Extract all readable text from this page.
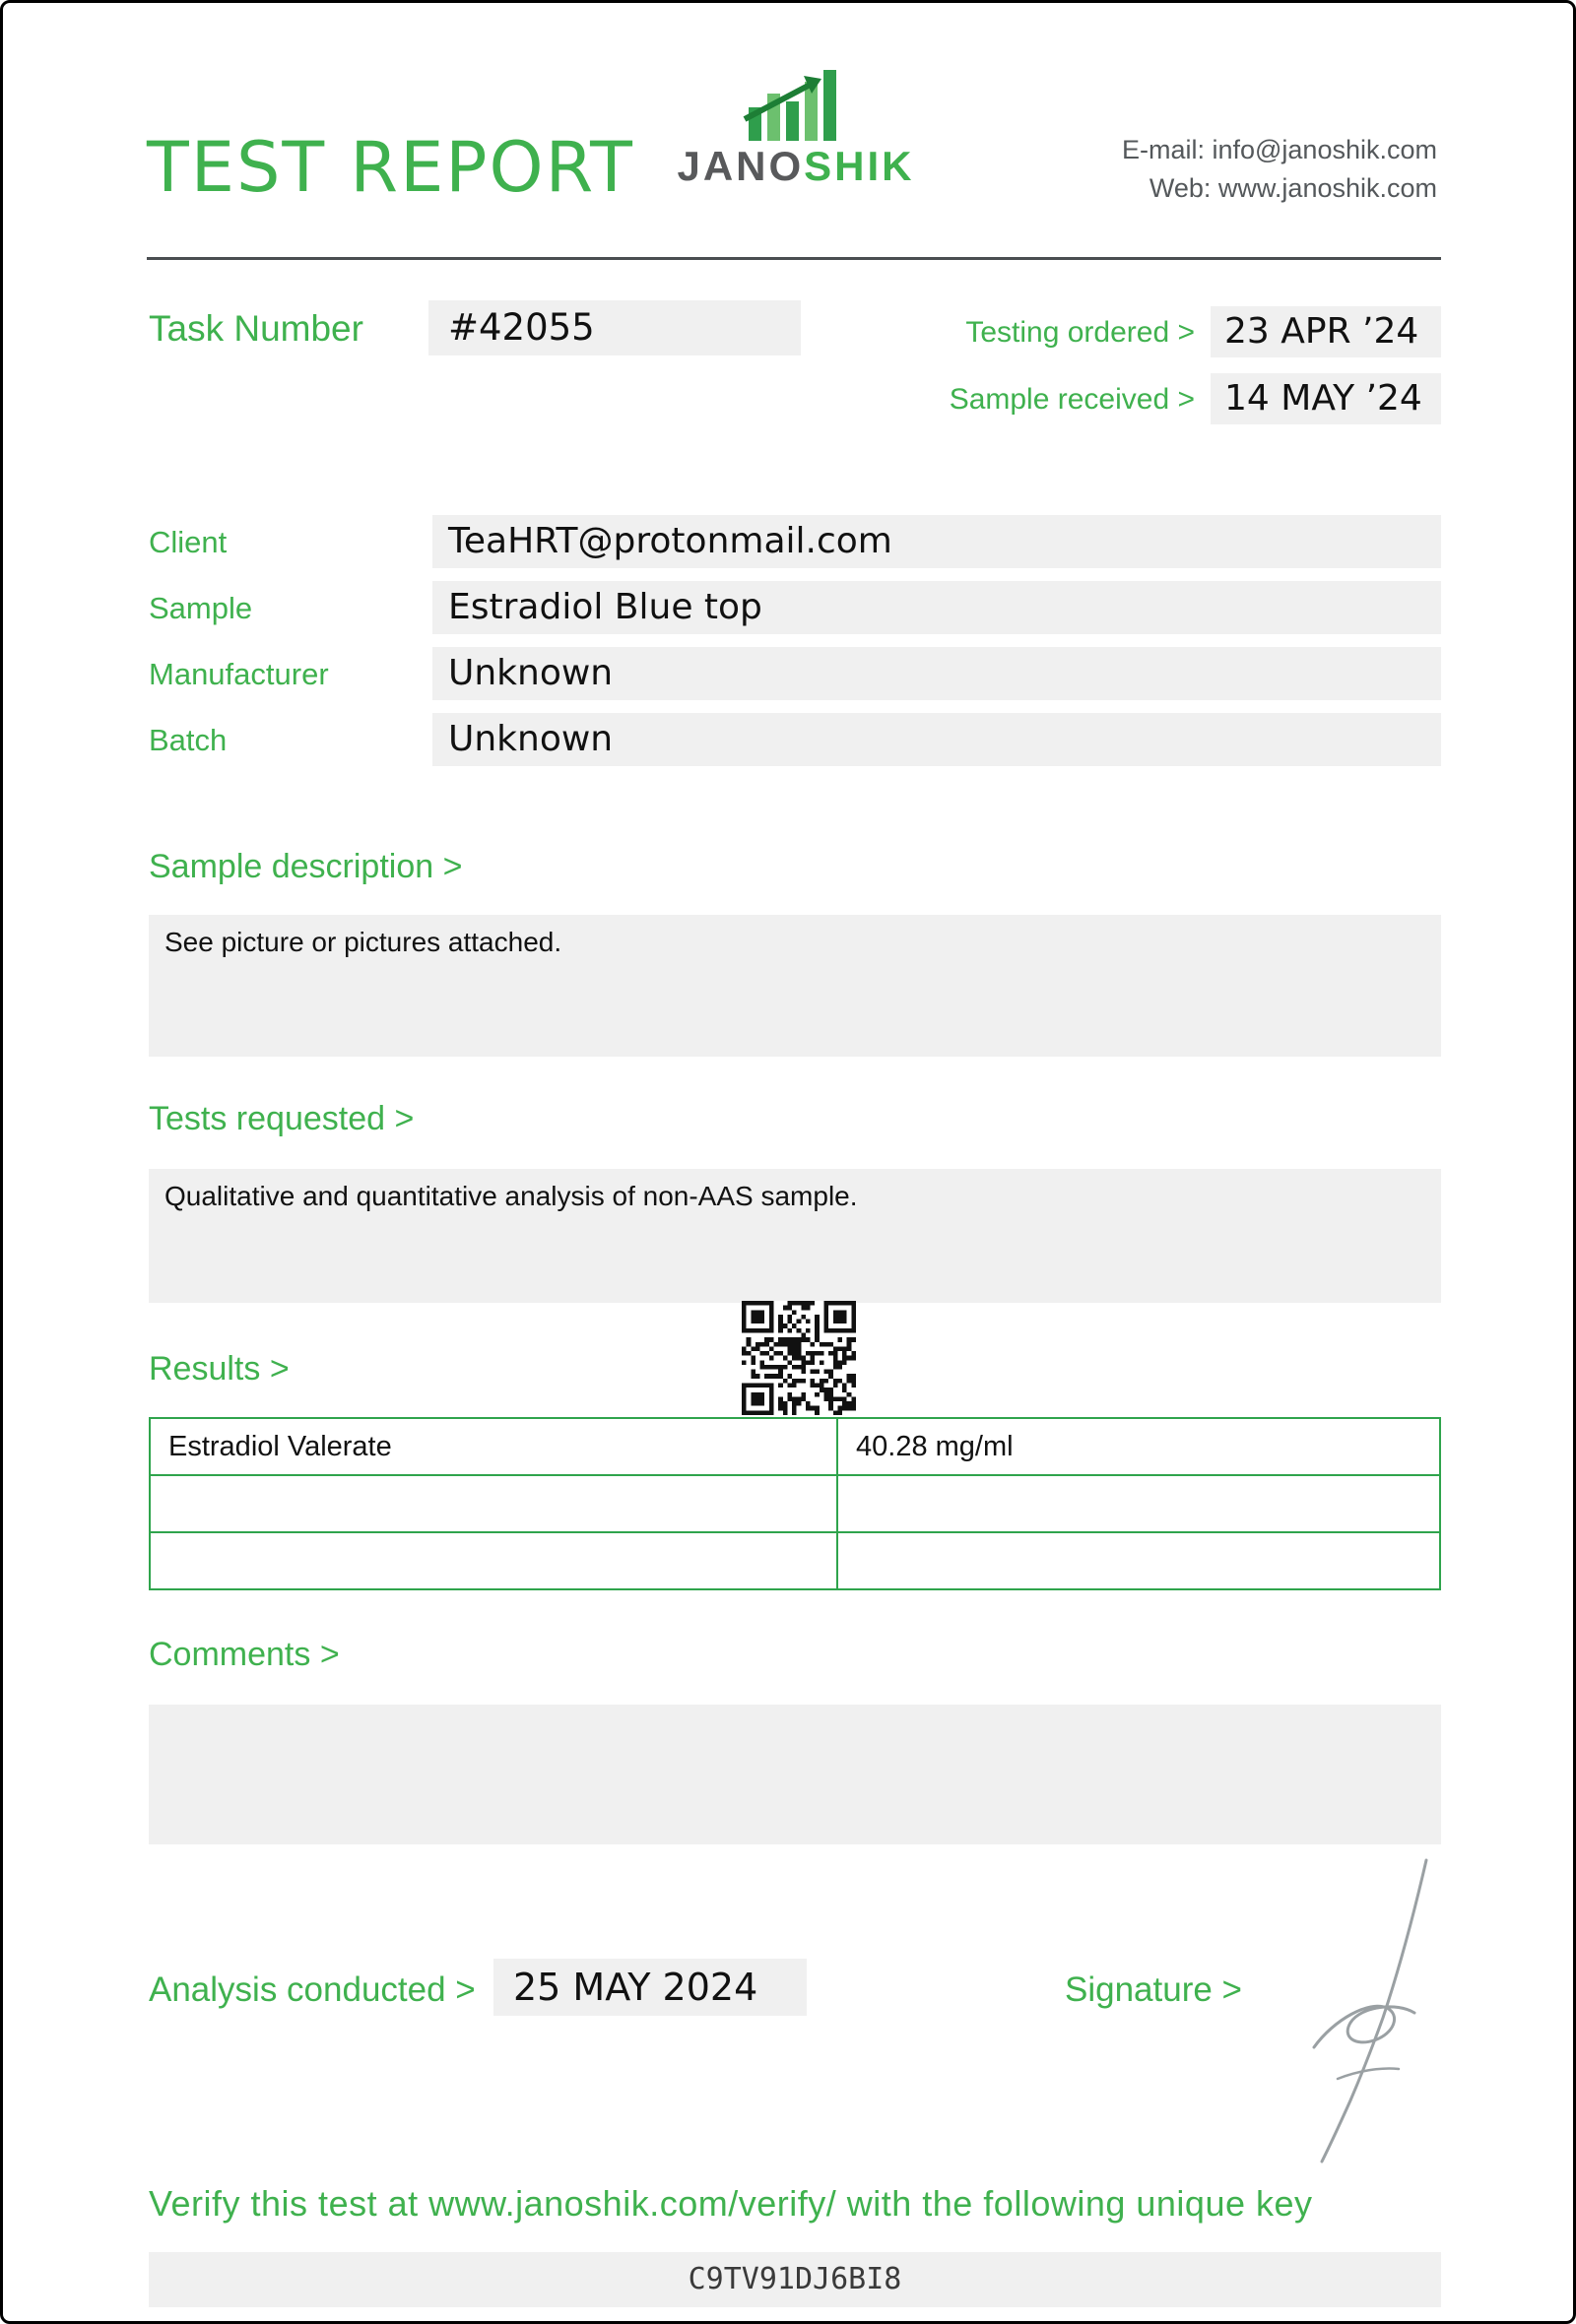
TEST REPORT	JANOSHIK	E-mail: info@janoshik.com
Web: www.janoshik.com
Task Number	#42055	Testing ordered > 23 APR ’24
Sample received > 14 MAY ’24
Client	TeaHRT@protonmail.com
Sample	Estradiol Blue top
Manufacturer	Unknown
Batch	Unknown
Sample description >
See picture or pictures attached.
Tests requested >
Qualitative and quantitative analysis of non-AAS sample.
Results >
Estradiol Valerate	40.28 mg/ml

Comments >
Analysis conducted >	25 MAY 2024	Signature >
Verify this test at www.janoshik.com/verify/ with the following unique key
C9TV91DJ6BI8
